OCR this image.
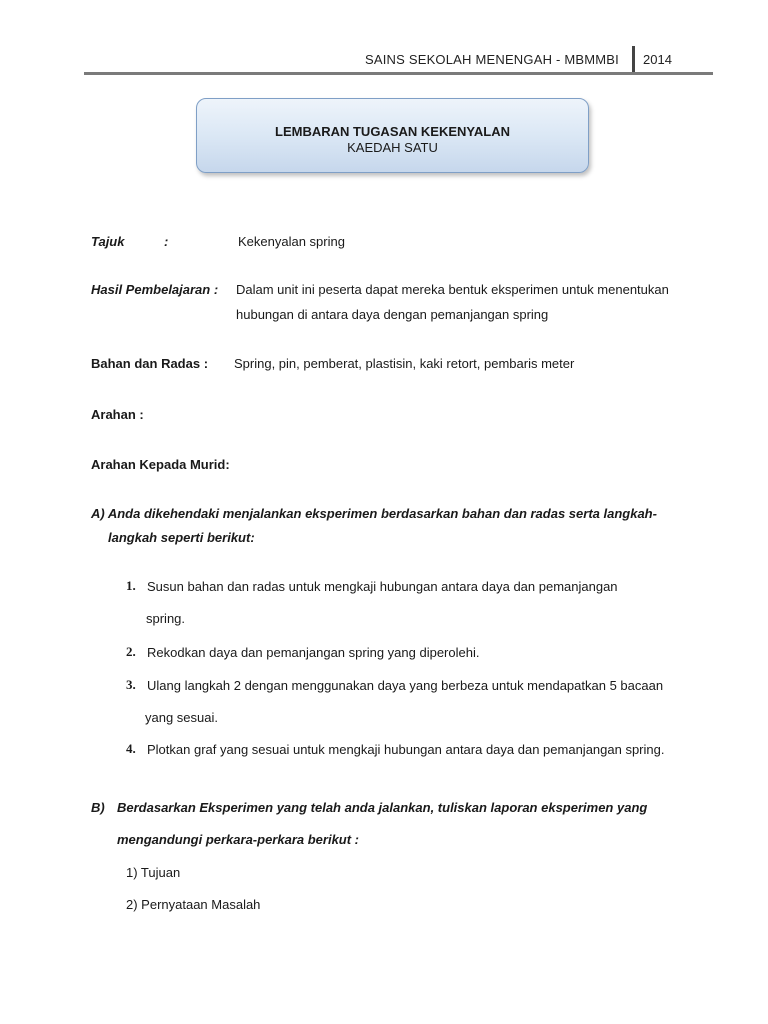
SAINS SEKOLAH MENENGAH - MBMMBI 2014
LEMBARAN TUGASAN KEKENYALAN
KAEDAH SATU
Tajuk	:	Kekenyalan spring
Hasil Pembelajaran : Dalam unit ini peserta dapat mereka bentuk eksperimen untuk menentukan
hubungan di antara daya dengan pemanjangan spring
Bahan dan Radas : Spring, pin, pemberat, plastisin, kaki retort, pembaris meter
Arahan :
Arahan Kepada Murid:
A) Anda dikehendaki menjalankan eksperimen berdasarkan bahan dan radas serta langkah-
langkah seperti berikut:
1. Susun bahan dan radas untuk mengkaji hubungan antara daya dan pemanjangan
spring.
2. Rekodkan daya dan pemanjangan spring yang diperolehi.
3. Ulang langkah 2 dengan menggunakan daya yang berbeza untuk mendapatkan 5 bacaan
yang sesuai.
4. Plotkan graf yang sesuai untuk mengkaji hubungan antara daya dan pemanjangan spring.
B) Berdasarkan Eksperimen yang telah anda jalankan, tuliskan laporan eksperimen yang
mengandungi perkara-perkara berikut :
1) Tujuan
2) Pernyataan Masalah
